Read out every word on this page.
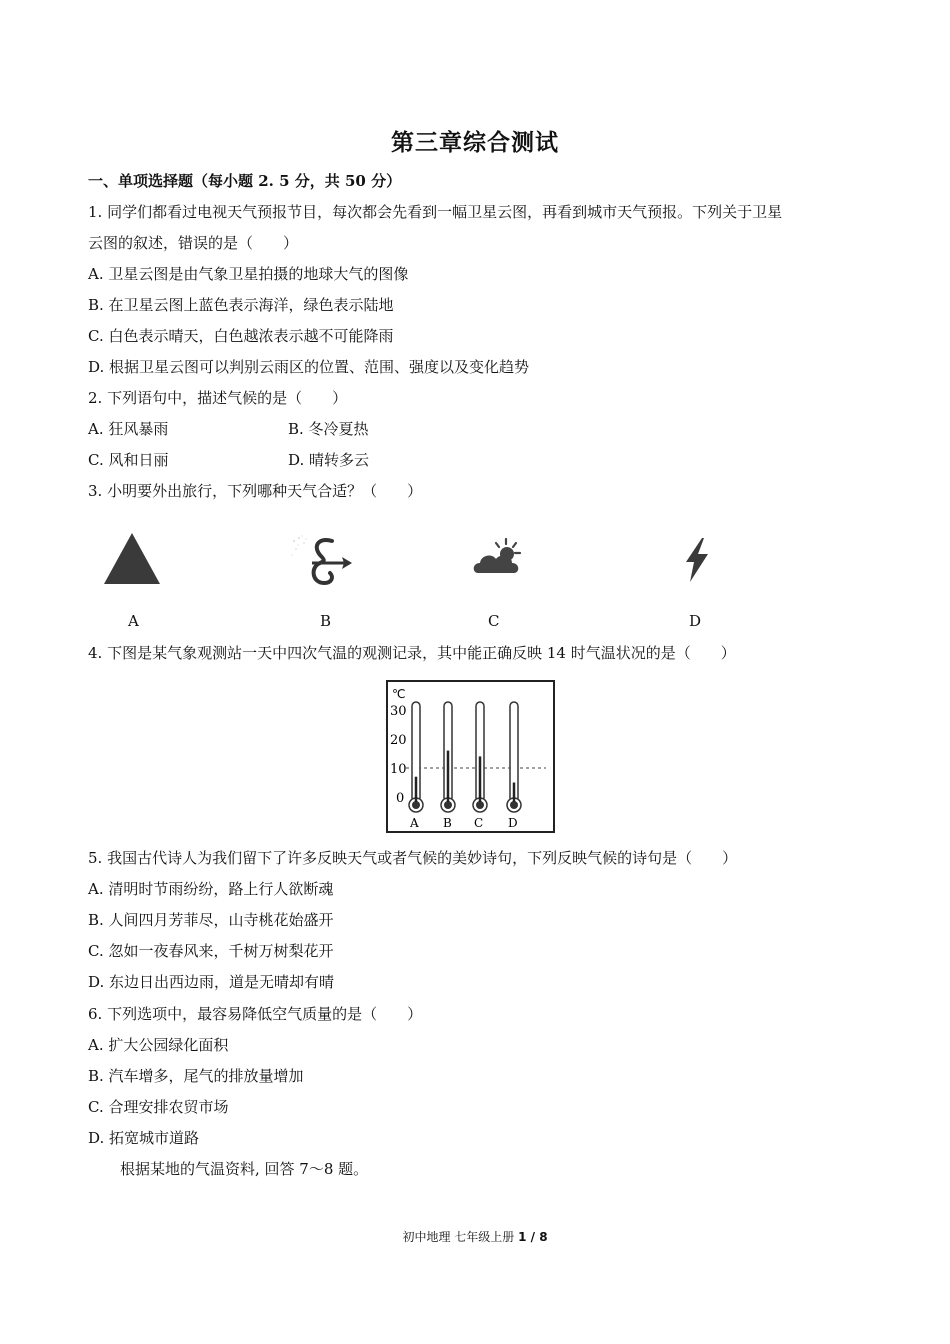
第三章综合测试
一、单项选择题（每小题 2. 5 分，共 50 分）
1. 同学们都看过电视天气预报节目，每次都会先看到一幅卫星云图，再看到城市天气预报。下列关于卫星
云图的叙述，错误的是（　　）
A. 卫星云图是由气象卫星拍摄的地球大气的图像
B. 在卫星云图上蓝色表示海洋，绿色表示陆地
C. 白色表示晴天，白色越浓表示越不可能降雨
D. 根据卫星云图可以判别云雨区的位置、范围、强度以及变化趋势
2. 下列语句中，描述气候的是（　　）
A. 狂风暴雨	B. 冬冷夏热
C. 风和日丽	D. 晴转多云
3. 小明要外出旅行，下列哪种天气合适？（　　）
A	B	C	D
4. 下图是某气象观测站一天中四次气温的观测记录，其中能正确反映 14 时气温状况的是（　　）
℃
30
20
10
0
A B C D
5. 我国古代诗人为我们留下了许多反映天气或者气候的美妙诗句，下列反映气候的诗句是（　　）
A. 清明时节雨纷纷，路上行人欲断魂
B. 人间四月芳菲尽，山寺桃花始盛开
C. 忽如一夜春风来，千树万树梨花开
D. 东边日出西边雨，道是无晴却有晴
6. 下列选项中，最容易降低空气质量的是（　　）
A. 扩大公园绿化面积
B. 汽车增多，尾气的排放量增加
C. 合理安排农贸市场
D. 拓宽城市道路
根据某地的气温资料, 回答 7～8 题。
初中地理 七年级上册 1 / 8
